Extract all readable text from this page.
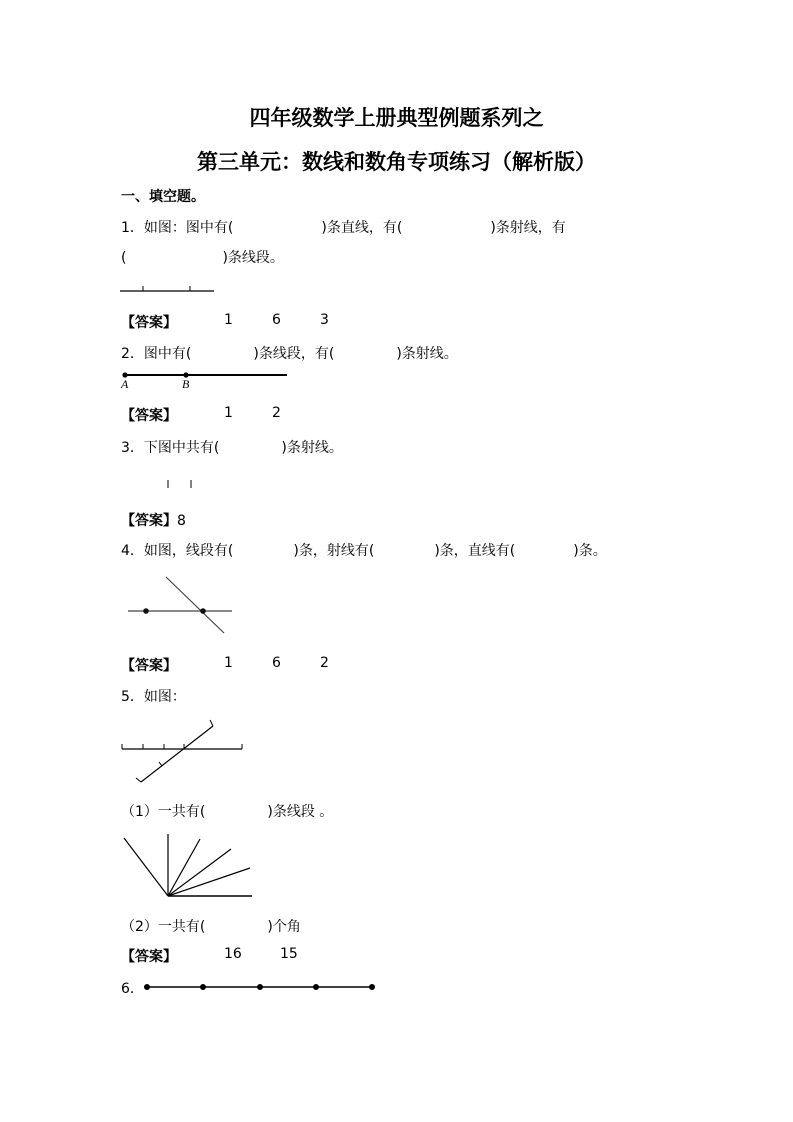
四年级数学上册典型例题系列之
第三单元：数线和数角专项练习（解析版）
一、填空题。
1．如图：图中有(	)条直线，有(	)条射线，有
(	)条线段。
【答案】	1	6	3
2．图中有(	)条线段，有(	)条射线。
A	B
【答案】	1	2
3．下图中共有(	)条射线。
【答案】8
4．如图，线段有(	)条，射线有(	)条，直线有(	)条。
【答案】	1	6	2
5．如图：
（1）一共有(	)条线段 。
（2）一共有(	)个角
【答案】	16	15
6．
